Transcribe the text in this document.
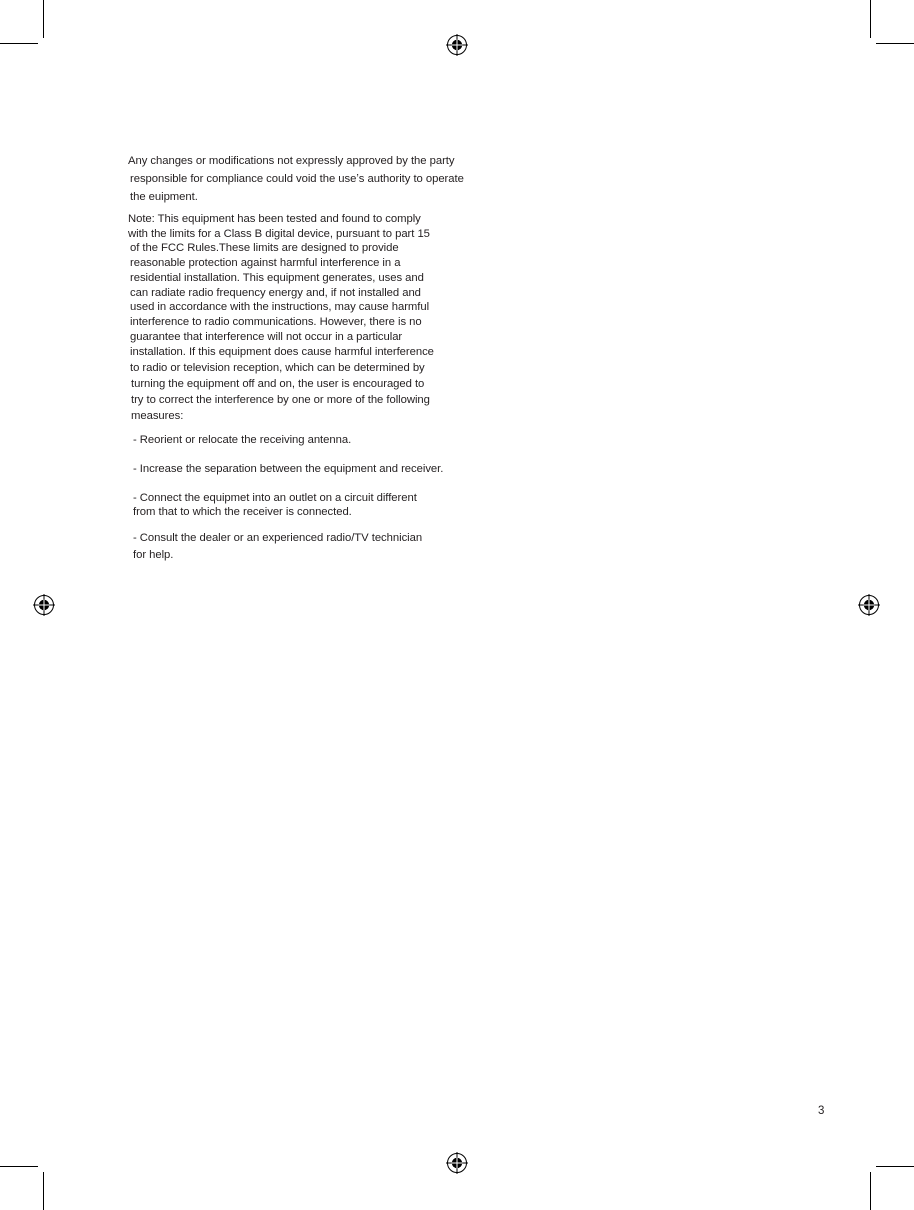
Any changes or modifications not expressly approved by the party
responsible for compliance could void the useʼs authority to operate
the euipment.
Note: This equipment has been tested and found to comply
with the limits for a Class B digital device, pursuant to part 15
of the FCC Rules.These limits are designed to provide
reasonable protection against harmful interference in a
residential installation. This equipment generates, uses and
can radiate radio frequency energy and, if not installed and
used in accordance with the instructions, may cause harmful
interference to radio communications. However, there is no
guarantee that interference will not occur in a particular
installation. If this equipment does cause harmful interference
to radio or television reception, which can be determined by
turning the equipment off and on, the user is encouraged to
try to correct the interference by one or more of the following
measures:
- Reorient or relocate the receiving antenna.
- Increase the separation between the equipment and receiver.
- Connect the equipmet into an outlet on a circuit different
from that to which the receiver is connected.
- Consult the dealer or an experienced radio/TV technician
for help.
3
